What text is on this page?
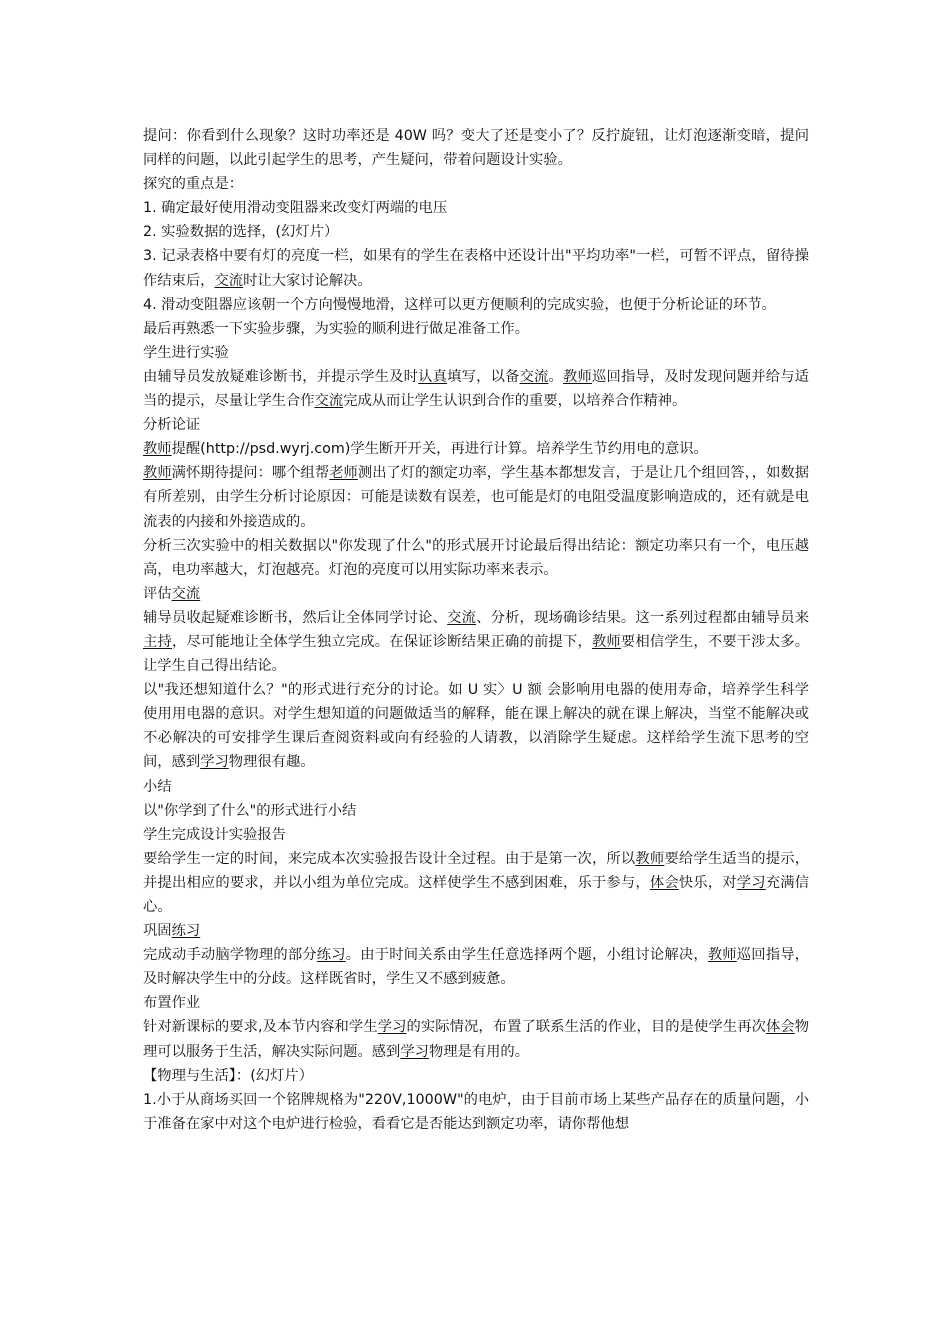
提问：你看到什么现象？这时功率还是 40W 吗？变大了还是变小了？反拧旋钮，让灯泡逐渐变暗，提问同样的问题，以此引起学生的思考，产生疑问，带着问题设计实验。

探究的重点是：

1. 确定最好使用滑动变阻器来改变灯两端的电压

2. 实验数据的选择，(幻灯片）

3. 记录表格中要有灯的亮度一栏，如果有的学生在表格中还设计出"平均功率"一栏，可暂不评点，留待操作结束后，交流时让大家讨论解决。

4. 滑动变阻器应该朝一个方向慢慢地滑，这样可以更方便顺利的完成实验，也便于分析论证的环节。

最后再熟悉一下实验步骤，为实验的顺利进行做足准备工作。

学生进行实验

由辅导员发放疑难诊断书，并提示学生及时认真填写，以备交流。教师巡回指导，及时发现问题并给与适当的提示，尽量让学生合作交流完成从而让学生认识到合作的重要，以培养合作精神。

分析论证

教师提醒(http://psd.wyrj.com)学生断开开关，再进行计算。培养学生节约用电的意识。

教师满怀期待提问：哪个组帮老师测出了灯的额定功率，学生基本都想发言，于是让几个组回答，，如数据有所差别，由学生分析讨论原因：可能是读数有误差，也可能是灯的电阻受温度影响造成的，还有就是电流表的内接和外接造成的。

分析三次实验中的相关数据以"你发现了什么"的形式展开讨论最后得出结论：额定功率只有一个，电压越高，电功率越大，灯泡越亮。灯泡的亮度可以用实际功率来表示。

评估交流

辅导员收起疑难诊断书，然后让全体同学讨论、交流、分析，现场确诊结果。这一系列过程都由辅导员来主持，尽可能地让全体学生独立完成。在保证诊断结果正确的前提下，教师要相信学生，不要干涉太多。让学生自己得出结论。

以"我还想知道什么？"的形式进行充分的讨论。如 U 实〉U 额 会影响用电器的使用寿命，培养学生科学使用用电器的意识。对学生想知道的问题做适当的解释，能在课上解决的就在课上解决，当堂不能解决或不必解决的可安排学生课后查阅资料或向有经验的人请教，以消除学生疑虑。这样给学生流下思考的空间，感到学习物理很有趣。

小结

以"你学到了什么"的形式进行小结

学生完成设计实验报告

要给学生一定的时间，来完成本次实验报告设计全过程。由于是第一次，所以教师要给学生适当的提示，并提出相应的要求，并以小组为单位完成。这样使学生不感到困难，乐于参与，体会快乐，对学习充满信心。

巩固练习

完成动手动脑学物理的部分练习。由于时间关系由学生任意选择两个题，小组讨论解决，教师巡回指导，及时解决学生中的分歧。这样既省时，学生又不感到疲惫。

布置作业

针对新课标的要求,及本节内容和学生学习的实际情况，布置了联系生活的作业，目的是使学生再次体会物理可以服务于生活，解决实际问题。感到学习物理是有用的。

【物理与生活】：(幻灯片）

1.小于从商场买回一个铭牌规格为"220V,1000W"的电炉，由于目前市场上某些产品存在的质量问题，小于准备在家中对这个电炉进行检验，看看它是否能达到额定功率，请你帮他想
